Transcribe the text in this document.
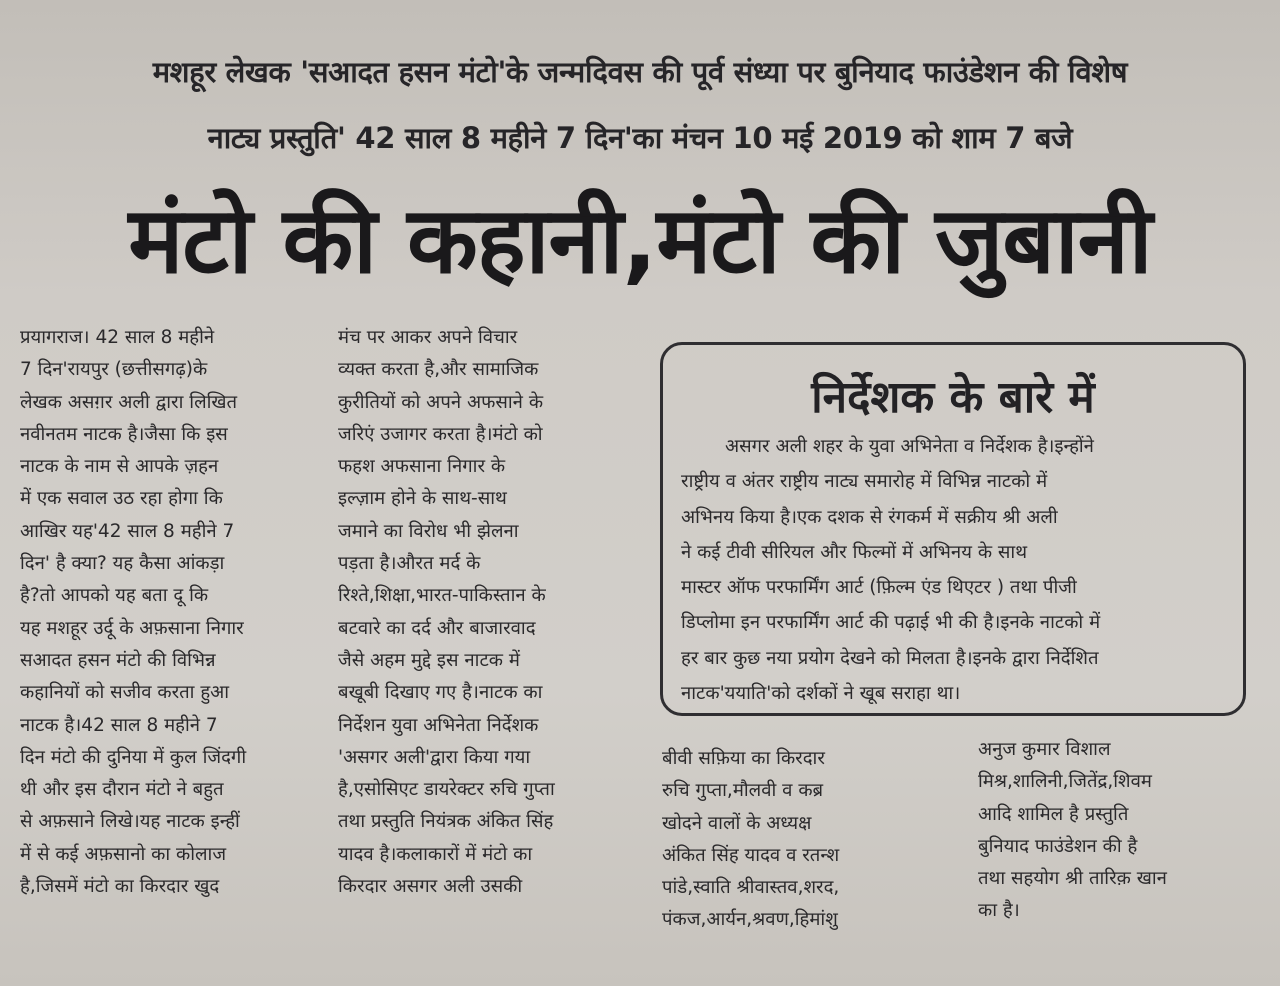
मशहूर लेखक 'सआदत हसन मंटो'के जन्मदिवस की पूर्व संध्या पर बुनियाद फाउंडेशन की विशेष
नाट्य प्रस्तुति' 42 साल 8 महीने 7 दिन'का मंचन 10 मई 2019 को शाम 7 बजे
मंटो की कहानी,मंटो की जुबानी
प्रयागराज। 42 साल 8 महीने
7 दिन'रायपुर (छत्तीसगढ़)के
लेखक असग़र अली द्वारा लिखित
नवीनतम नाटक है।जैसा कि इस
नाटक के नाम से आपके ज़हन
में एक सवाल उठ रहा होगा कि
आखिर यह'42 साल 8 महीने 7
दिन' है क्या? यह कैसा आंकड़ा
है?तो आपको यह बता दू कि
यह मशहूर उर्दू के अफ़साना निगार
सआदत हसन मंटो की विभिन्न
कहानियों को सजीव करता हुआ
नाटक है।42 साल 8 महीने 7
दिन मंटो की दुनिया में कुल जिंदगी
थी और इस दौरान मंटो ने बहुत
से अफ़साने लिखे।यह नाटक इन्हीं
में से कई अफ़सानो का कोलाज
है,जिसमें मंटो का किरदार खुद
मंच पर आकर अपने विचार
व्यक्त करता है,और सामाजिक
कुरीतियों को अपने अफसाने के
जरिएं उजागर करता है।मंटो को
फहश अफसाना निगार के
इल्ज़ाम होने के साथ-साथ
जमाने का विरोध भी झेलना
पड़ता है।औरत मर्द के
रिश्ते,शिक्षा,भारत-पाकिस्तान के
बटवारे का दर्द और बाजारवाद
जैसे अहम मुद्दे इस नाटक में
बखूबी दिखाए गए है।नाटक का
निर्देशन युवा अभिनेता निर्देशक
'असगर अली'द्वारा किया गया
है,एसोसिएट डायरेक्टर रुचि गुप्ता
तथा प्रस्तुति नियंत्रक अंकित सिंह
यादव है।कलाकारों में मंटो का
किरदार असगर अली उसकी
निर्देशक के बारे में
असगर अली शहर के युवा अभिनेता व निर्देशक है।इन्होंने
राष्ट्रीय व अंतर राष्ट्रीय नाट्य समारोह में विभिन्न नाटको में
अभिनय किया है।एक दशक से रंगकर्म में सक्रीय श्री अली
ने कई टीवी सीरियल और फिल्मों में अभिनय के साथ
मास्टर ऑफ परफार्मिंग आर्ट (फ़िल्म एंड थिएटर ) तथा पीजी
डिप्लोमा इन परफार्मिंग आर्ट की पढ़ाई भी की है।इनके नाटको में
हर बार कुछ नया प्रयोग देखने को मिलता है।इनके द्वारा निर्देशित
नाटक'ययाति'को दर्शकों ने खूब सराहा था।
बीवी सफ़िया का किरदार
रुचि गुप्ता,मौलवी व कब्र
खोदने वालों के अध्यक्ष
अंकित सिंह यादव व रतन्श
पांडे,स्वाति श्रीवास्तव,शरद,
पंकज,आर्यन,श्रवण,हिमांशु
अनुज कुमार विशाल
मिश्र,शालिनी,जितेंद्र,शिवम
आदि शामिल है प्रस्तुति
बुनियाद फाउंडेशन की है
तथा सहयोग श्री तारिक़ खान
का है।
